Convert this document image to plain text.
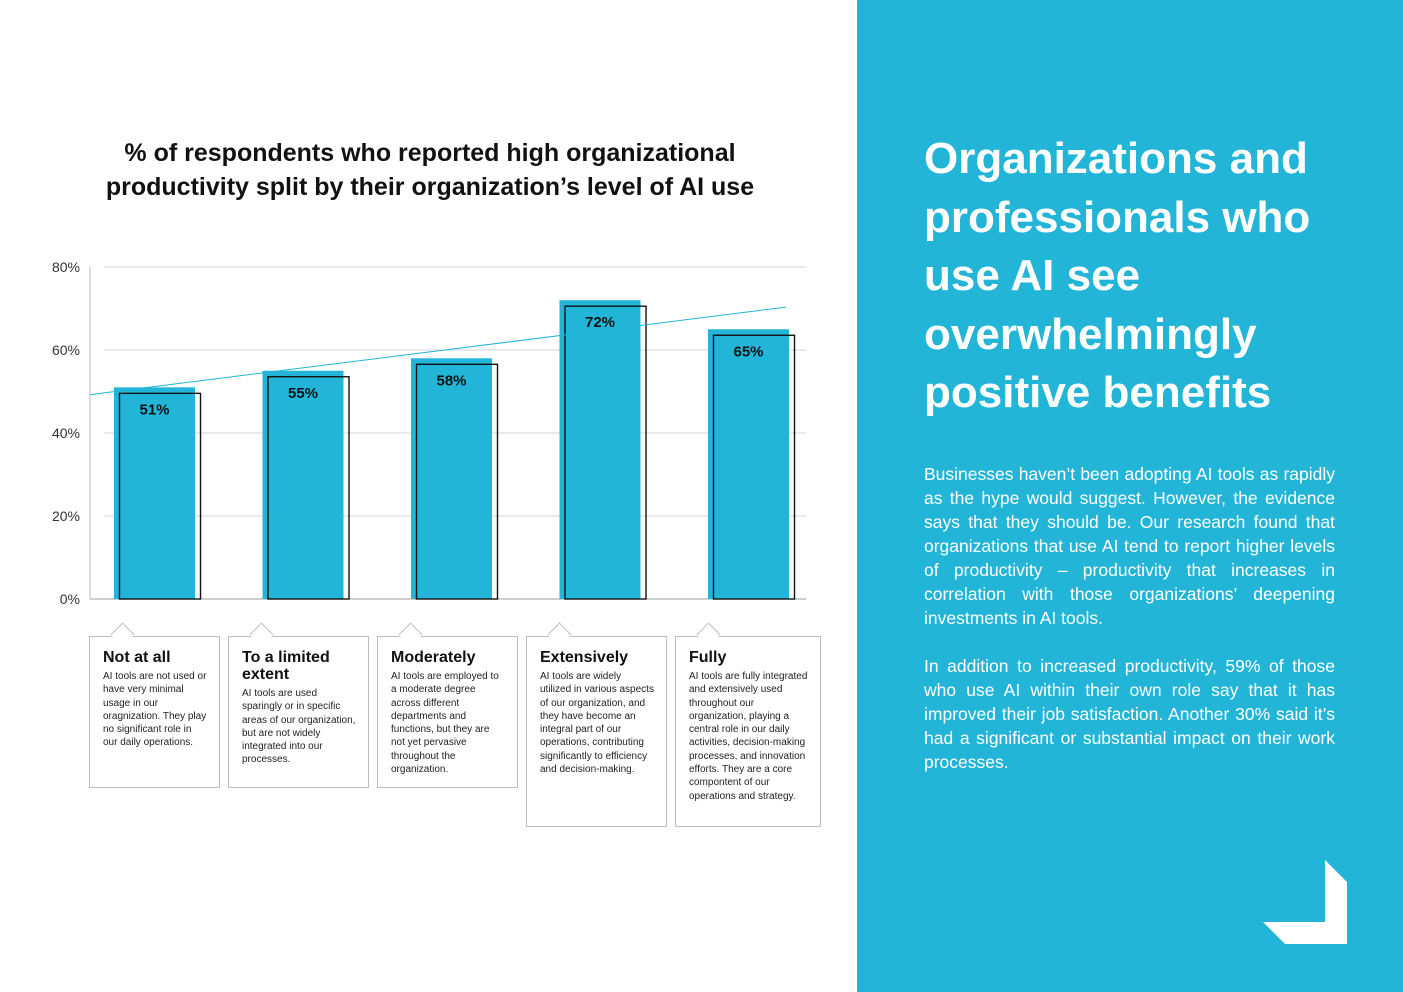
% of respondents who reported high organizational productivity split by their organization’s level of AI use
0%
20%
40%
60%
80%
51%
55%
58%
72%
65%
Not at all
AI tools are not used or have very minimal usage in our oragnization. They play no significant role in our daily operations.
To a limited extent
AI tools are used sparingly or in specific areas of our organization, but are not widely integrated into our processes.
Moderately
AI tools are employed to a moderate degree across different departments and functions, but they are not yet pervasive throughout the organization.
Extensively
AI tools are widely utilized in various aspects of our organization, and they have become an integral part of our operations, contributing significantly to efficiency and decision-making.
Fully
AI tools are fully integrated and extensively used throughout our organization, playing a central role in our daily activities, decision-making processes, and innovation efforts. They are a core compontent of our operations and strategy.
Organizations and professionals who use AI see overwhelmingly positive benefits

Businesses haven’t been adopting AI tools as rapidly as the hype would suggest. However, the evidence says that they should be. Our research found that organizations that use AI tend to report higher levels of productivity – productivity that increases in correlation with those organizations’ deepening investments in AI tools.

In addition to increased productivity, 59% of those who use AI within their own role say that it has improved their job satisfaction. Another 30% said it’s had a significant or substantial impact on their work processes.
